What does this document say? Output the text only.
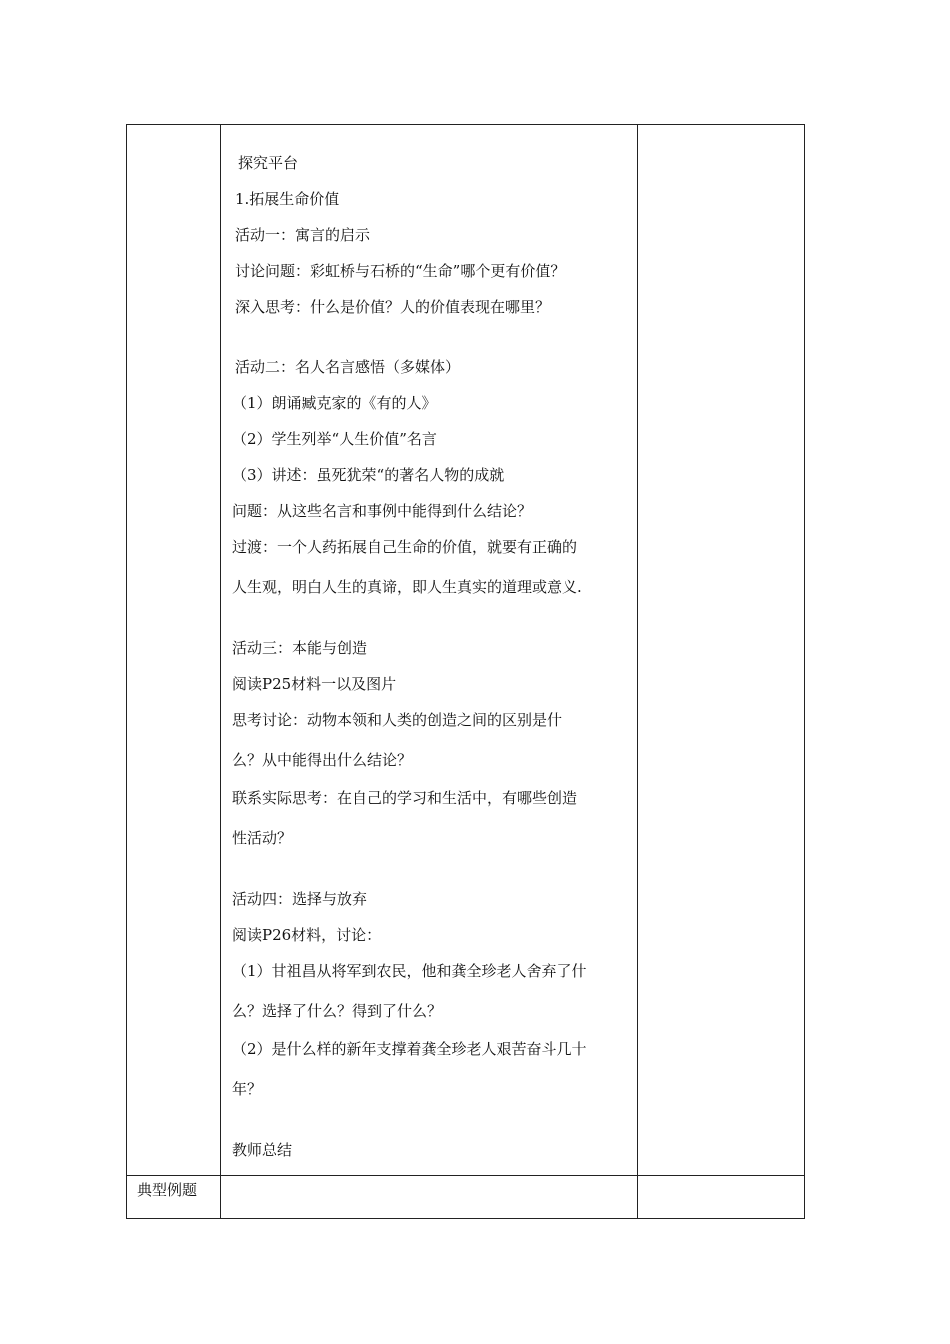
探究平台
1.拓展生命价值
活动一：寓言的启示
讨论问题：彩虹桥与石桥的“生命”哪个更有价值？
深入思考：什么是价值？人的价值表现在哪里？
活动二：名人名言感悟（多媒体）
（1）朗诵臧克家的《有的人》
（2）学生列举“人生价值”名言
（3）讲述：虽死犹荣“的著名人物的成就
问题：从这些名言和事例中能得到什么结论？
过渡：一个人药拓展自己生命的价值，就要有正确的
人生观，明白人生的真谛，即人生真实的道理或意义.
活动三：本能与创造
阅读P25材料一以及图片
思考讨论：动物本领和人类的创造之间的区别是什
么？从中能得出什么结论？
联系实际思考：在自己的学习和生活中，有哪些创造
性活动？
活动四：选择与放弃
阅读P26材料，讨论：
（1）甘祖昌从将军到农民，他和龚全珍老人舍弃了什
么？选择了什么？得到了什么？
（2）是什么样的新年支撑着龚全珍老人艰苦奋斗几十
年？
教师总结
典型例题
